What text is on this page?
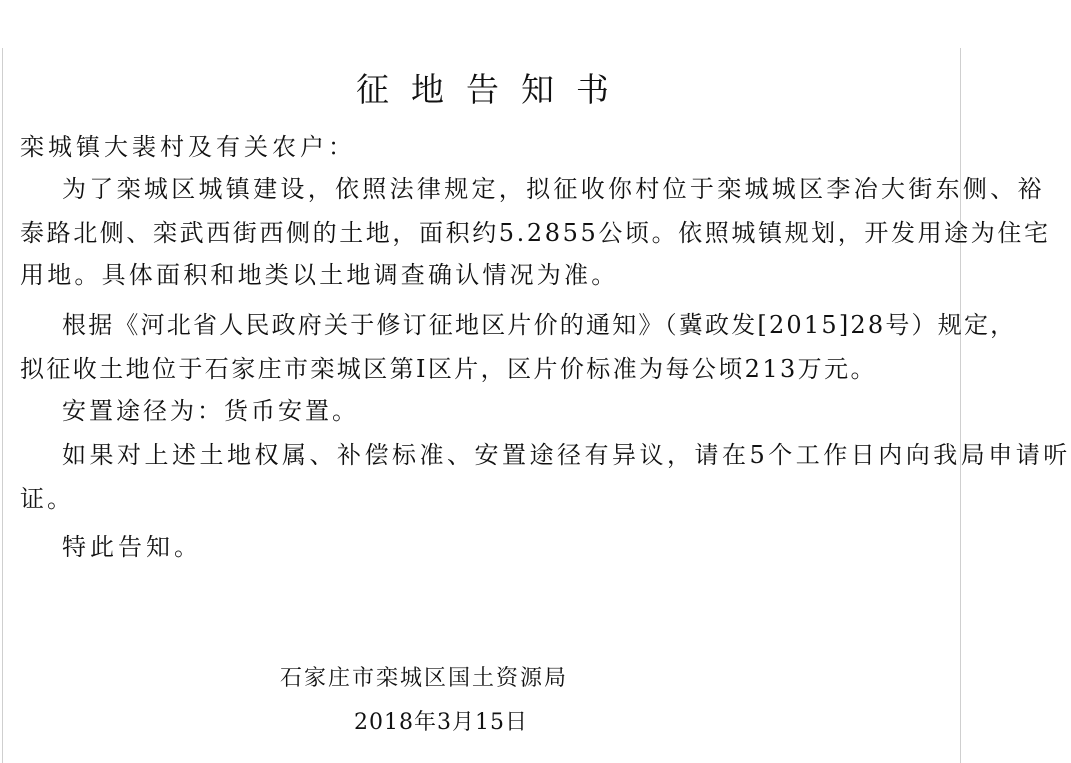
征地告知书
栾城镇大裴村及有关农户：
为了栾城区城镇建设，依照法律规定，拟征收你村位于栾城城区李冶大街东侧、裕
泰路北侧、栾武西街西侧的土地，面积约5.2855公顷。依照城镇规划，开发用途为住宅
用地。具体面积和地类以土地调查确认情况为准。
根据《河北省人民政府关于修订征地区片价的通知》（冀政发[2015]28号）规定，
拟征收土地位于石家庄市栾城区第Ⅰ区片，区片价标准为每公顷213万元。
安置途径为：货币安置。
如果对上述土地权属、补偿标准、安置途径有异议，请在5个工作日内向我局申请听
证。
特此告知。
石家庄市栾城区国土资源局
2018年3月15日
